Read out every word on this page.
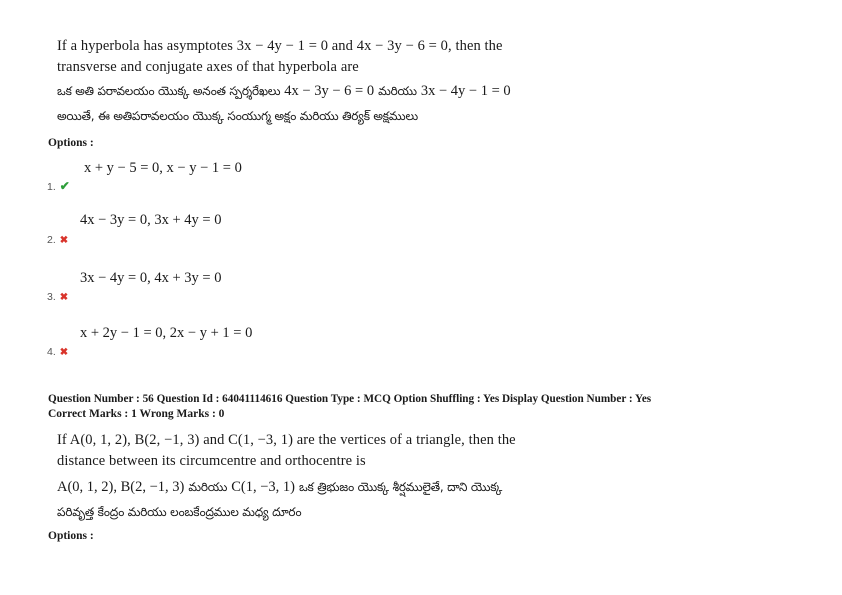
If a hyperbola has asymptotes 3x − 4y − 1 = 0 and 4x − 3y − 6 = 0, then the
transverse and conjugate axes of that hyperbola are
ఒక అతి పరావలయం యొక్క అనంత స్పర్శరేఖలు 4x − 3y − 6 = 0 మరియు 3x − 4y − 1 = 0
అయితే, ఈ అతిపరావలయం యొక్క సంయుగ్మ అక్షం మరియు తిర్యక్ అక్షములు
Options :
x + y − 5 = 0, x − y − 1 = 0
1. ✔
4x − 3y = 0, 3x + 4y = 0
2. ✖
3x − 4y = 0, 4x + 3y = 0
3. ✖
x + 2y − 1 = 0, 2x − y + 1 = 0
4. ✖
Question Number : 56 Question Id : 64041114616 Question Type : MCQ Option Shuffling : Yes Display Question Number : Yes
Correct Marks : 1 Wrong Marks : 0
If A(0, 1, 2), B(2, −1, 3) and C(1, −3, 1) are the vertices of a triangle, then the
distance between its circumcentre and orthocentre is
A(0, 1, 2), B(2, −1, 3) మరియు C(1, −3, 1) ఒక త్రిభుజం యొక్క శీర్షములైతే, దాని యొక్క
పరివృత్త కేంద్రం మరియు లంబకేంద్రముల మధ్య దూరం
Options :
